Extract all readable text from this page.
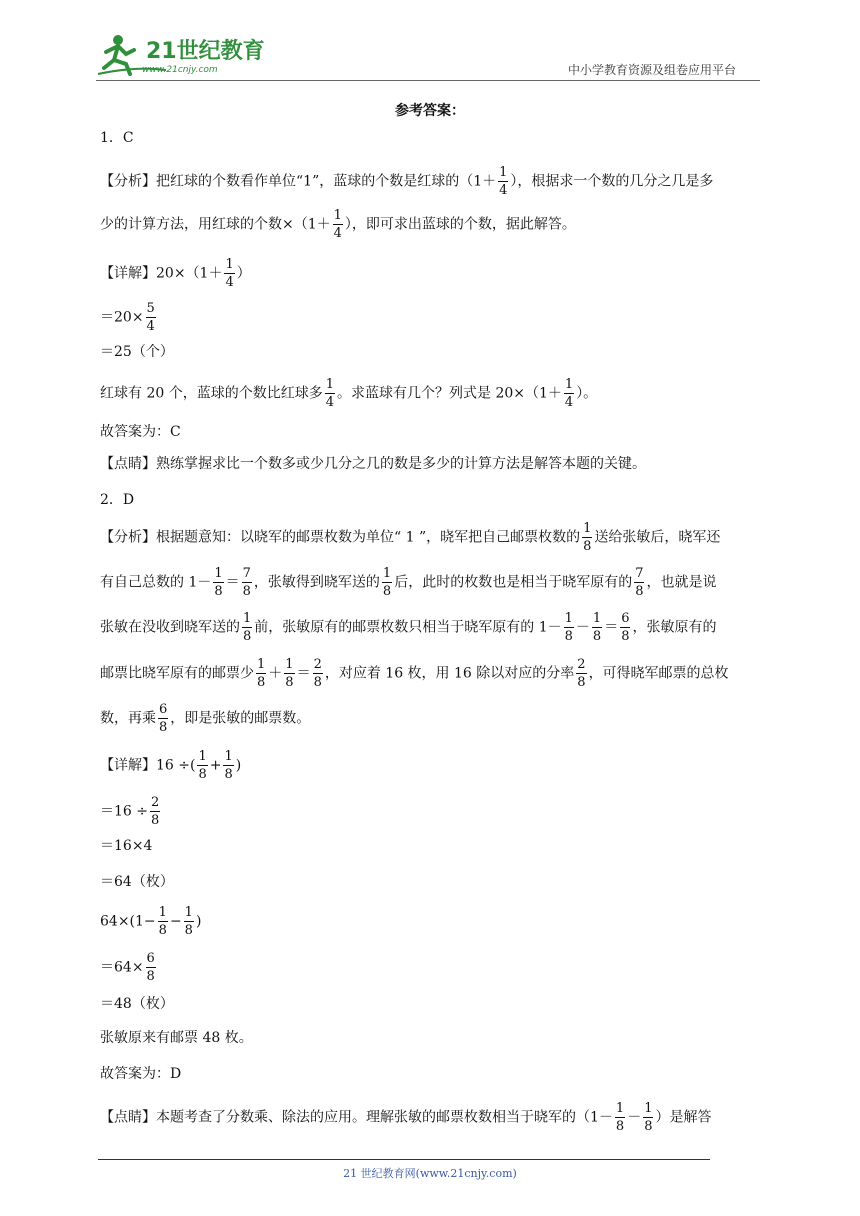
21世纪教育
www.21cnjy.com	中小学教育资源及组卷应用平台
参考答案：
1．C
【分析】把红球的个数看作单位“1”，蓝球的个数是红球的（$1+ \frac{1}{4}$ ），根据求一个数的几分之几是多
少的计算方法，用红球的个数$\times(1+ \frac{1}{4}$ ），即可求出蓝球的个数，据此解答。
【详解】$20\times(1+ \frac{1}{4}$ ）
$=20\times \frac{5}{4}$
＝25（个）
红球有 20 个，蓝球的个数比红球多 $\frac{1}{4}$ 。求蓝球有几个？列式是 $20\times(1+ \frac{1}{4}$ ）。
故答案为：C
【点睛】熟练掌握求比一个数多或少几分之几的数是多少的计算方法是解答本题的关键。
2．D
【分析】根据题意知：以晓军的邮票枚数为单位“ 1 ”，晓军把自己邮票枚数的 $\frac{1}{8}$ 送给张敏后，晓军还
有自己总数的 $1- \frac{1}{8} = \frac{7}{8}$ ，张敏得到晓军送的 $\frac{1}{8}$ 后，此时的枚数也是相当于晓军原有的 $\frac{7}{8}$ ，也就是说
张敏在没收到晓军送的 $\frac{1}{8}$ 前，张敏原有的邮票枚数只相当于晓军原有的 $1- \frac{1}{8} - \frac{1}{8} = \frac{6}{8}$ ，张敏原有的
邮票比晓军原有的邮票少 $\frac{1}{8} + \frac{1}{8} = \frac{2}{8}$ ，对应着 16 枚，用 16 除以对应的分率 $\frac{2}{8}$ ，可得晓军邮票的总枚
数，再乘 $\frac{6}{8}$ ，即是张敏的邮票数。
【详解】16 ÷( $\frac{1}{8} + \frac{1}{8}$ )
$=16 \div \frac{2}{8}$
＝16×4
＝64（枚）
$64\times(1- \frac{1}{8} - \frac{1}{8}$ )
$=64\times \frac{6}{8}$
＝48（枚）
张敏原来有邮票 48 枚。
故答案为：D
【点睛】本题考查了分数乘、除法的应用。理解张敏的邮票枚数相当于晓军的（$1- \frac{1}{8} - \frac{1}{8}$ ）是解答
21 世纪教育网(www.21cnjy.com)
